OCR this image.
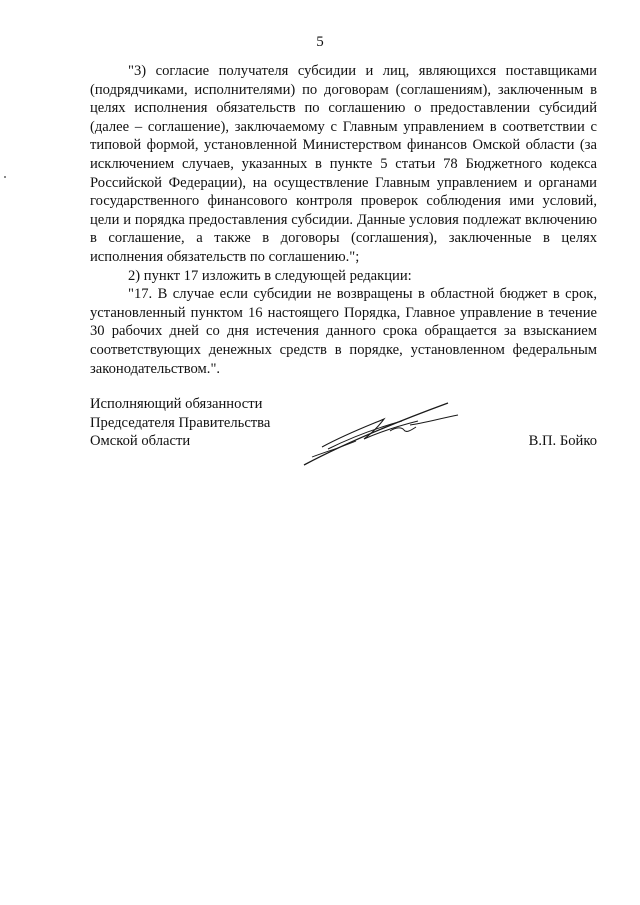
5

"3) согласие получателя субсидии и лиц, являющихся поставщиками (подрядчиками, исполнителями) по договорам (соглашениям), заключенным в целях исполнения обязательств по соглашению о предоставлении субсидий (далее – соглашение), заключаемому с Главным управлением в соответствии с типовой формой, установленной Министерством финансов Омской области (за исключением случаев, указанных в пункте 5 статьи 78 Бюджетного кодекса Российской Федерации), на осуществление Главным управлением и органами государственного финансового контроля проверок соблюдения ими условий, цели и порядка предоставления субсидии. Данные условия подлежат включению в соглашение, а также в договоры (соглашения), заключенные в целях исполнения обязательств по соглашению.";

2) пункт 17 изложить в следующей редакции:

"17. В случае если субсидии не возвращены в областной бюджет в срок, установленный пунктом 16 настоящего Порядка, Главное управление в течение 30 рабочих дней со дня истечения данного срока обращается за взысканием соответствующих денежных средств в порядке, установленном федеральным законодательством.".

Исполняющий обязанности
Председателя Правительства
Омской области	В.П. Бойко
